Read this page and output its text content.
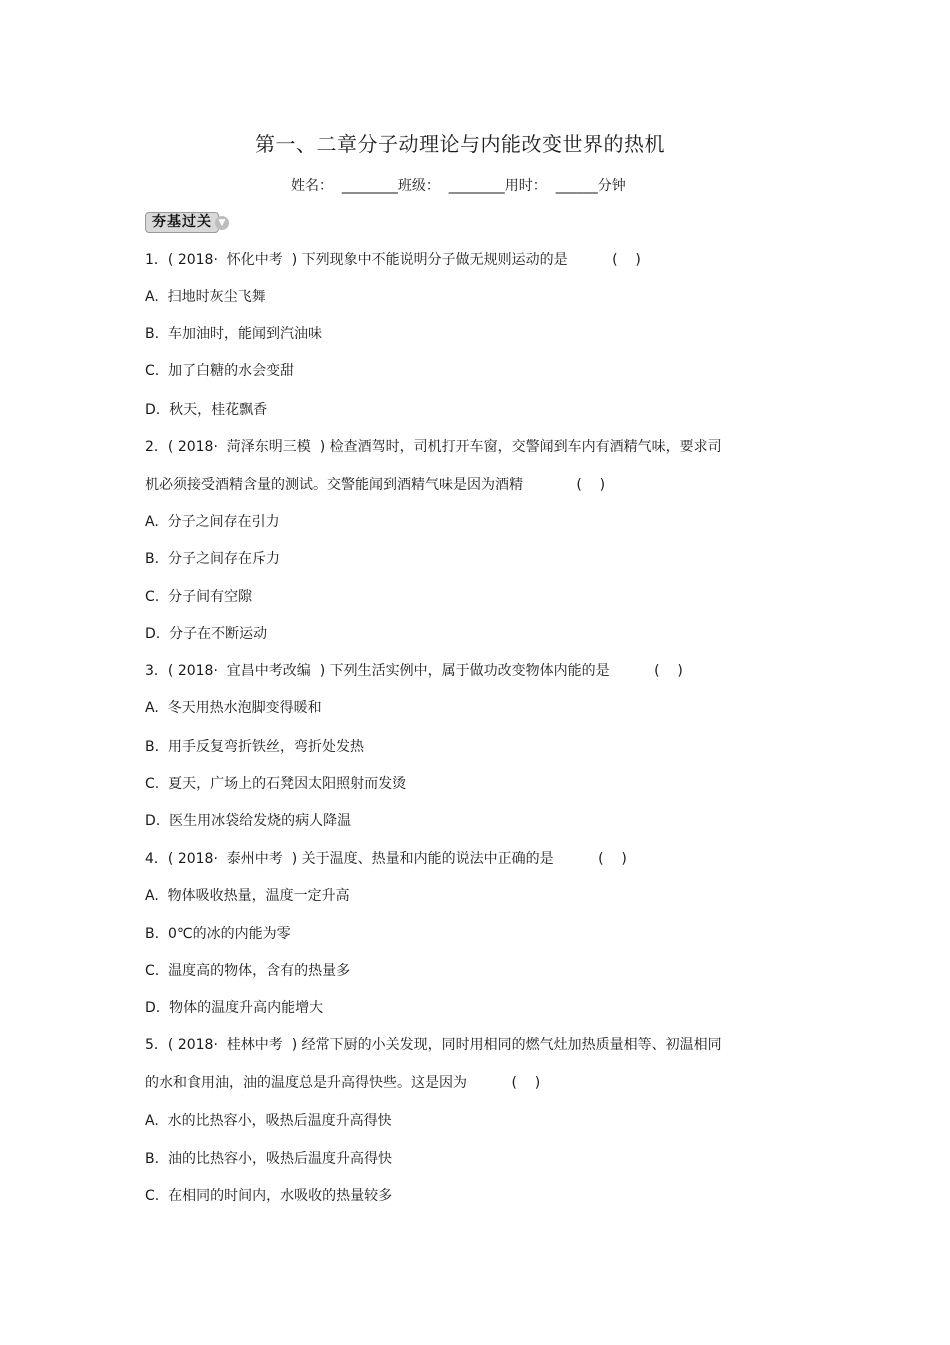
第一、二章分子动理论与内能改变世界的热机
姓名：  ________班级：  ________用时：  ______分钟
夯基过关 ▼
1．( 2018·  怀化中考  ) 下列现象中不能说明分子做无规则运动的是          (    )
A.  扫地时灰尘飞舞
B.  车加油时，能闻到汽油味
C.  加了白糖的水会变甜
D.  秋天，桂花飘香
2．( 2018·  菏泽东明三模  ) 检查酒驾时，司机打开车窗，交警闻到车内有酒精气味，要求司
机必须接受酒精含量的测试。交警能闻到酒精气味是因为酒精            (    )
A.  分子之间存在引力
B.  分子之间存在斥力
C.  分子间有空隙
D.  分子在不断运动
3．( 2018·  宜昌中考改编  ) 下列生活实例中，属于做功改变物体内能的是          (    )
A.  冬天用热水泡脚变得暖和
B.  用手反复弯折铁丝，弯折处发热
C.  夏天，广场上的石凳因太阳照射而发烫
D.  医生用冰袋给发烧的病人降温
4．( 2018·  泰州中考  ) 关于温度、热量和内能的说法中正确的是          (    )
A.  物体吸收热量，温度一定升高
B.  0℃的冰的内能为零
C.  温度高的物体，含有的热量多
D.  物体的温度升高内能增大
5．( 2018·  桂林中考  ) 经常下厨的小关发现，同时用相同的燃气灶加热质量相等、初温相同
的水和食用油，油的温度总是升高得快些。这是因为          (    )
A.  水的比热容小，吸热后温度升高得快
B.  油的比热容小，吸热后温度升高得快
C.  在相同的时间内，水吸收的热量较多
